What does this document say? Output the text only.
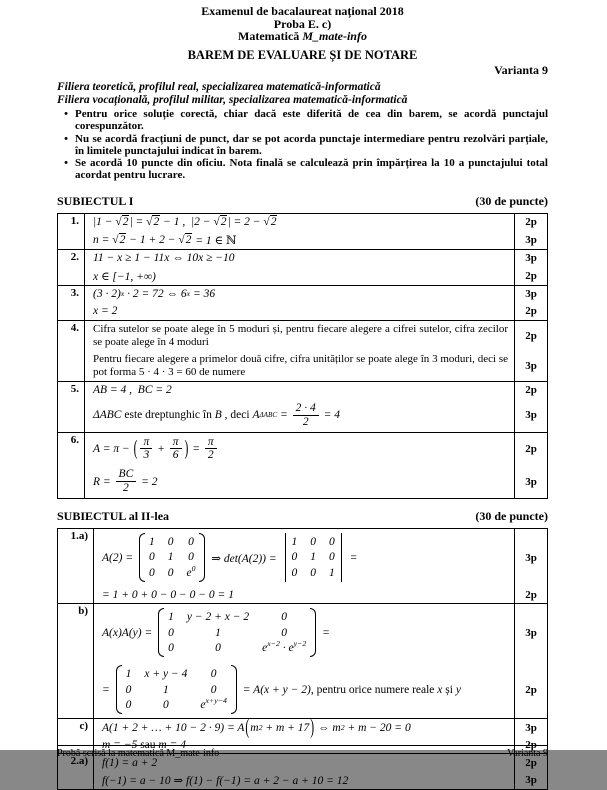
Examenul de bacalaureat național 2018
Proba E. c)
Matematică M_mate-info
BAREM DE EVALUARE ȘI DE NOTARE
Varianta 9
Filiera teoretică, profilul real, specializarea matematică-informatică
Filiera vocațională, profilul militar, specializarea matematică-informatică
• Pentru orice soluție corectă, chiar dacă este diferită de cea din barem, se acordă punctajul corespunzător.
• Nu se acordă fracțiuni de punct, dar se pot acorda punctaje intermediare pentru rezolvări parțiale, în limitele punctajului indicat în barem.
• Se acordă 10 puncte din oficiu. Nota finală se calculează prin împărțirea la 10 a punctajului total acordat pentru lucrare.
SUBIECTUL I	(30 de puncte)
1.	|1 − √2 | = √2 − 1 ,  |2 − √2 | = 2 − √2	2p
n = √2 − 1 + 2 − √2 = 1 ∈ ℕ	3p
2.	11 − x ≥ 1 − 11x ⇔ 10x ≥ −10	3p
x ∈ [−1, +∞)	2p
3.	(3 · 2) x · 2 = 72 ⇔ 6 x = 36	3p
x = 2	2p
4.	Cifra sutelor se poate alege în 5 moduri și, pentru fiecare alegere a cifrei sutelor, cifra zecilor se poate alege în 4 moduri	2p
Pentru fiecare alegere a primelor două cifre, cifra unităților se poate alege în 3 moduri, deci se pot forma 5 · 4 · 3 = 60 de numere	3p
5.	AB = 4 ,  BC = 2	2p
ΔABC este dreptunghic în B , deci A $\Delta ABC = \frac{2 \cdot 4}{2} = 4$	3p
6.
A = π − ( π
3
+ $\frac{\pi}{6}$ ) = $\frac{\pi}{2}$	2p
$R = \frac{BC}{2} = 2$	3p
SUBIECTUL al II-lea	(30 de puncte)
1.a)
A(2) =
1 0 0
0 1 0
0 0 $e^0$
⇒ det(A(2)) =
1 0 0
0 1 0
0 0 1
=	3p
= 1 + 0 + 0 − 0 − 0 − 0 = 1	2p
b)
A(x)A(y) =
1 y − 2 + x − 2	0
0	1	0
0	0	$e^{x-2} \cdot e^{y-2}$
=	3p
=
1 x + y − 4 0
0	1	0
0	0	$e^{x+y-4}$
= A(x + y − 2) , pentru orice numere reale x și y	2p
c)	A(1 + 2 + … + 10 − 2 · 9) = A ( m 2 + m + 17 ) ⇔ m 2 + m − 20 = 0	3p
m = −5 sau m = 4	2p
2.a)	f(1) = a + 2	2p
f(−1) = a − 10 ⇒ f(1) − f(−1) = a + 2 − a + 10 = 12	3p
Probă scrisă la matematică M_mate-info	Varianta 9
